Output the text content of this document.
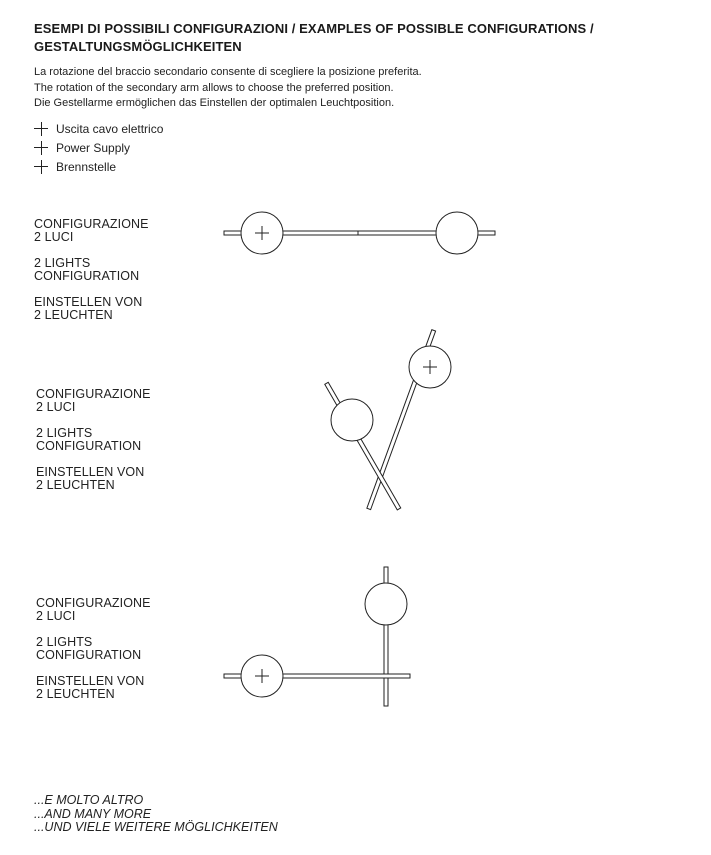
ESEMPI DI POSSIBILI CONFIGURAZIONI / EXAMPLES OF POSSIBLE CONFIGURATIONS /
GESTALTUNGSMÖGLICHKEITEN
La rotazione del braccio secondario consente di scegliere la posizione preferita.
The rotation of the secondary arm allows to choose the preferred position.
Die Gestellarme ermöglichen das Einstellen der optimalen Leuchtposition.
Uscita cavo elettrico
Power Supply
Brennstelle

CONFIGURAZIONE
2 LUCI

2 LIGHTS
CONFIGURATION

EINSTELLEN VON
2 LEUCHTEN

CONFIGURAZIONE
2 LUCI

2 LIGHTS
CONFIGURATION

EINSTELLEN VON
2 LEUCHTEN

CONFIGURAZIONE
2 LUCI

2 LIGHTS
CONFIGURATION

EINSTELLEN VON
2 LEUCHTEN

...E MOLTO ALTRO
...AND MANY MORE
...UND VIELE WEITERE MÖGLICHKEITEN
